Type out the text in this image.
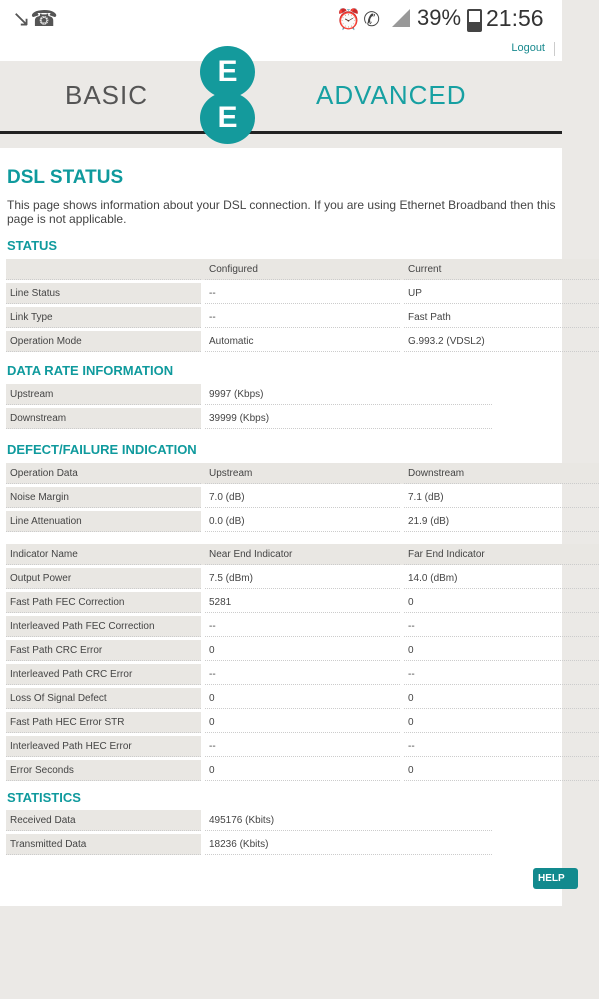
↘☎	⏰✆ 39% 21:56
Logout
BASIC	ADVANCED
E
E
DSL STATUS

This page shows information about your DSL connection. If you are using Ethernet Broadband then this page is not applicable.

STATUS
		Configured		Current
Line Status		--		UP
Link Type		--		Fast Path
Operation Mode		Automatic		G.993.2 (VDSL2)
DATA RATE INFORMATION
Upstream		9997 (Kbps)
Downstream		39999 (Kbps)
DEFECT/FAILURE INDICATION
Operation Data		Upstream		Downstream
Noise Margin		7.0 (dB)		7.1 (dB)
Line Attenuation		0.0 (dB)		21.9 (dB)
Indicator Name		Near End Indicator		Far End Indicator
Output Power		7.5 (dBm)		14.0 (dBm)
Fast Path FEC Correction		5281		0
Interleaved Path FEC Correction		--		--
Fast Path CRC Error		0		0
Interleaved Path CRC Error		--		--
Loss Of Signal Defect		0		0
Fast Path HEC Error STR		0		0
Interleaved Path HEC Error		--		--
Error Seconds		0		0
STATISTICS
Received Data		495176 (Kbits)
Transmitted Data		18236 (Kbits)
HELP
